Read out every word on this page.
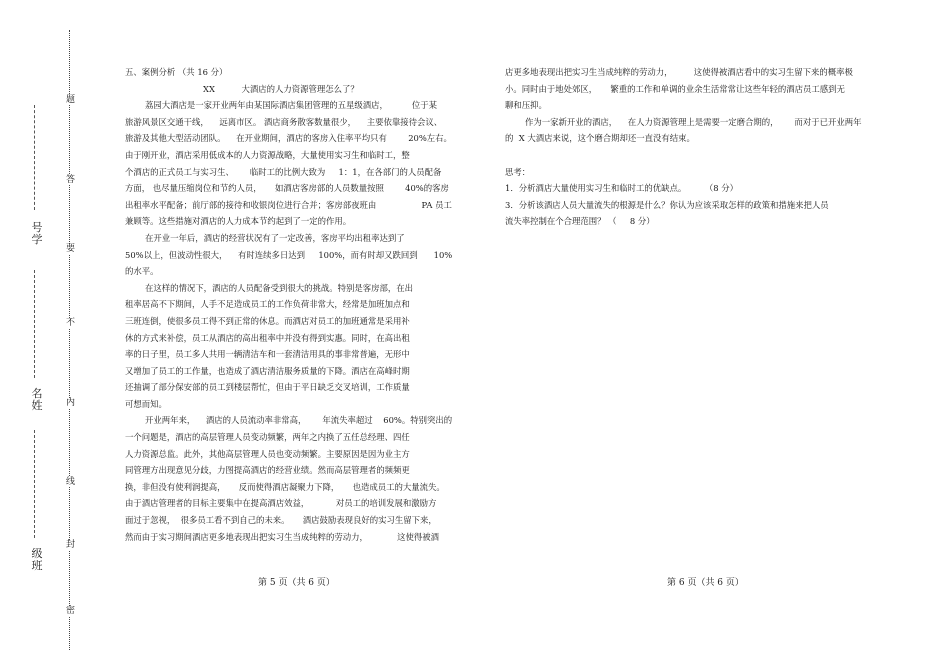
题
答
要
不
内
线
封
密
号
学
名
姓
级
班

五、案例分析 （共 16 分）

XX          大酒店的人力资源管理怎么了？

荔园大酒店是一家开业两年由某国际酒店集团管理的五星级酒店，         位于某

旅游风景区交通干线，    远离市区。 酒店商务散客数量很少，    主要依靠接待会议、

旅游及其他大型活动团队。    在开业期间，酒店的客房入住率平均只有        20%左右。

由于刚开业，酒店采用低成本的人力资源战略，大量使用实习生和临时工，整

个酒店的正式员工与实习生、      临时工的比例大致为     1：1，在各部门的人员配备

方面， 也尽量压缩岗位和节约人员，     如酒店客房部的人员数量按照        40%的客房

出租率水平配备；前厅部的接待和收银岗位进行合并；客房部夜班由                 PA 员工

兼顾等。这些措施对酒店的人力成本节约起到了一定的作用。

在开业一年后，酒店的经营状况有了一定改善，客房平均出租率达到了

50%以上，但波动性很大，    有时连续多日达到     100%，而有时却又跌回到      10%

的水平。

在这样的情况下，酒店的人员配备受到很大的挑战。特别是客房部，在出

租率居高不下期间，人手不足造成员工的工作负荷非常大，经常是加班加点和

三班连倒，使很多员工得不到正常的休息。而酒店对员工的加班通常是采用补

休的方式来补偿，员工从酒店的高出租率中并没有得到实惠。同时，在高出租

率的日子里，员工多人共用一辆清洁车和一套清洁用具的事非常普遍，无形中

又增加了员工的工作量，也造成了酒店清洁服务质量的下降。酒店在高峰时期

还抽调了部分保安部的员工到楼层帮忙，但由于平日缺乏交叉培训，工作质量

可想而知。

开业两年来，    酒店的人员流动率非常高，      年流失率超过    60%。特别突出的

一个问题是，酒店的高层管理人员变动频繁，两年之内换了五任总经理、四任

人力资源总监。此外，其他高层管理人员也变动频繁。主要原因是因为业主方

同管理方出现意见分歧，力图提高酒店的经营业绩。然而高层管理者的频频更

换，非但没有使利润提高，     反而使得酒店凝聚力下降，     也造成员工的大量流失。

由于酒店管理者的目标主要集中在提高酒店效益，          对员工的培训发展和激励方

面过于忽视，  很多员工看不到自己的未来。     酒店鼓励表现良好的实习生留下来，

然而由于实习期间酒店更多地表现出把实习生当成纯粹的劳动力，           这使得被酒

第 5 页（共 6 页）

店更多地表现出把实习生当成纯粹的劳动力，        这使得被酒店看中的实习生留下来的概率极

小。同时由于地处郊区，     繁重的工作和单调的业余生活常常让这些年轻的酒店员工感到无

聊和压抑。

作为一家新开业的酒店，    在人力资源管理上是需要一定磨合期的，      而对于已开业两年

的  X 大酒店来说，这个磨合期却还一直没有结束。

思考：

1．分析酒店大量使用实习生和临时工的优缺点。       （8 分）

3．分析该酒店人员大量流失的根源是什么？你认为应该采取怎样的政策和措施来把人员

流失率控制在个合理范围？ （     8 分）

第 6 页（共 6 页）
